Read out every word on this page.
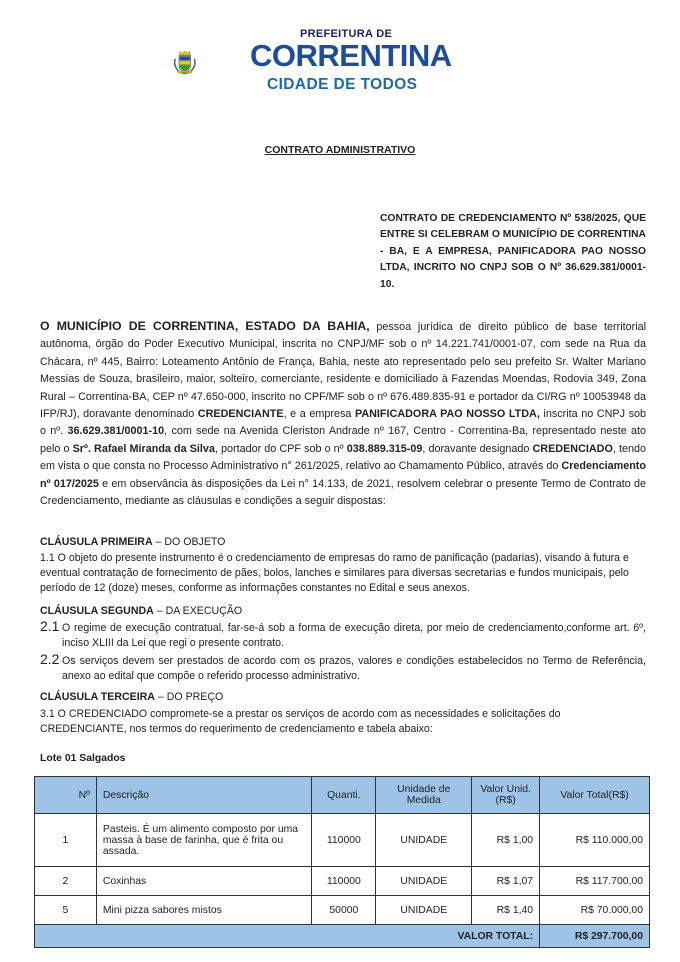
CORRENTINA
PREFEITURA DE
CORRENTINA
CIDADE DE TODOS
CONTRATO ADMINISTRATIVO
CONTRATO DE CREDENCIAMENTO Nº 538/2025, QUE ENTRE SI CELEBRAM O MUNICÍPIO DE CORRENTINA - BA, E A EMPRESA, PANIFICADORA PAO NOSSO LTDA, INCRITO NO CNPJ SOB O Nº 36.629.381/0001-10.
O MUNICÍPIO DE CORRENTINA, ESTADO DA BAHIA, pessoa jurídica de direito público de base territorial autônoma, órgão do Poder Executivo Municipal, inscrita no CNPJ/MF sob o nº 14.221.741/0001-07, com sede na Rua da Chácara, nº 445, Bairro: Loteamento Antônio de França, Bahia, neste ato representado pelo seu prefeito Sr. Walter Mariano Messias de Souza, brasileiro, maior, solteiro, comerciante, residente e domiciliado à Fazendas Moendas, Rodovia 349, Zona Rural – Correntina-BA, CEP nº 47.650-000, inscrito no CPF/MF sob o nº 676.489.835-91 e portador da CI/RG nº 10053948 da IFP/RJ), doravante denominado CREDENCIANTE, e a empresa PANIFICADORA PAO NOSSO LTDA, inscrita no CNPJ sob o nº. 36.629.381/0001-10, com sede na Avenida Cleriston Andrade nº 167, Centro - Correntina-Ba, representado neste ato pelo o Srº. Rafael Miranda da Silva, portador do CPF sob o nº 038.889.315-09, doravante designado CREDENCIADO, tendo em vista o que consta no Processo Administrativo n° 261/2025, relativo ao Chamamento Público, através do Credenciamento nº 017/2025 e em observância às disposições da Lei n° 14.133, de 2021, resolvem celebrar o presente Termo de Contrato de Credenciamento, mediante as cláusulas e condições a seguir dispostas:
CLÁUSULA PRIMEIRA – DO OBJETO
1.1 O objeto do presente instrumento é o credenciamento de empresas do ramo de panificação (padarias), visando à futura e eventual contratação de fornecimento de pães, bolos, lanches e similares para diversas secretarias e fundos municipais, pelo período de 12 (doze) meses, conforme as informações constantes no Edital e seus anexos.
CLÁUSULA SEGUNDA – DA EXECUÇÃO
2.1 O regime de execução contratual, far-se-á sob a forma de execução direta, por meio de credenciamento,conforme art. 6º, inciso XLIII da Lei que regi o presente contrato.
2.2 Os serviços devem ser prestados de acordo com os prazos, valores e condições estabelecidos no Termo de Referência, anexo ao edital que compõe o referido processo administrativo.
CLÁUSULA TERCEIRA – DO PREÇO
3.1 O CREDENCIADO compromete-se a prestar os serviços de acordo com as necessidades e solicitações do CREDENCIANTE, nos termos do requerimento de credenciamento e tabela abaixo:
Lote 01 Salgados
Nº	Descrição	Quanti.	Unidade de Medida	Valor Unid.(R$)	Valor Total(R$)
1	Pasteis. É um alimento composto por uma massa à base de farinha, que é frita ou assada.	110000	UNIDADE	R$ 1,00	R$ 110.000,00
2	Coxinhas	110000	UNIDADE	R$ 1,07	R$ 117.700,00
5	Mini pizza sabores mistos	50000	UNIDADE	R$ 1,40	R$ 70.000,00
VALOR TOTAL:					R$ 297.700,00
